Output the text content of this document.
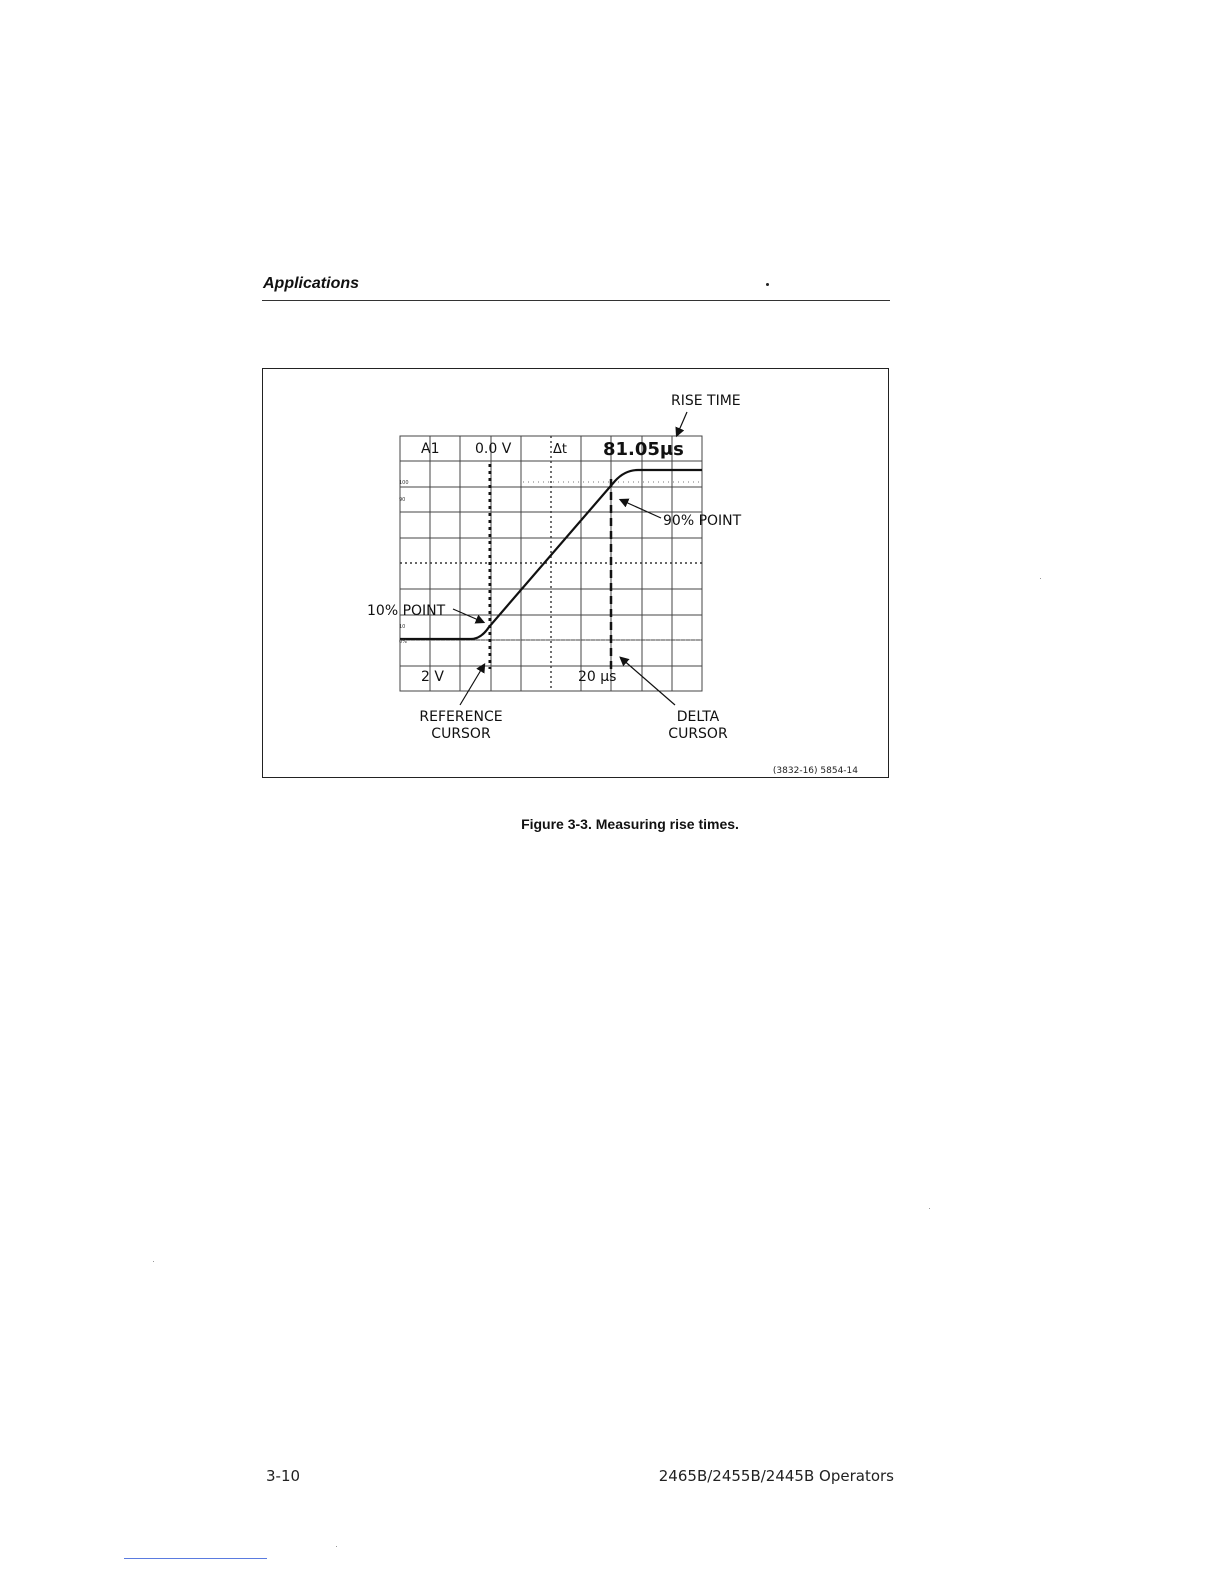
Applications
A1	0.0 V	Δt 81.05μs
2 V	20 μs
100
90
10
0%
RISE TIME
90% POINT
10% POINT
REFERENCE
CURSOR
DELTA
CURSOR
(3832-16) 5854-14
Figure 3-3. Measuring rise times.
3-10	2465B/2455B/2445B Operators
